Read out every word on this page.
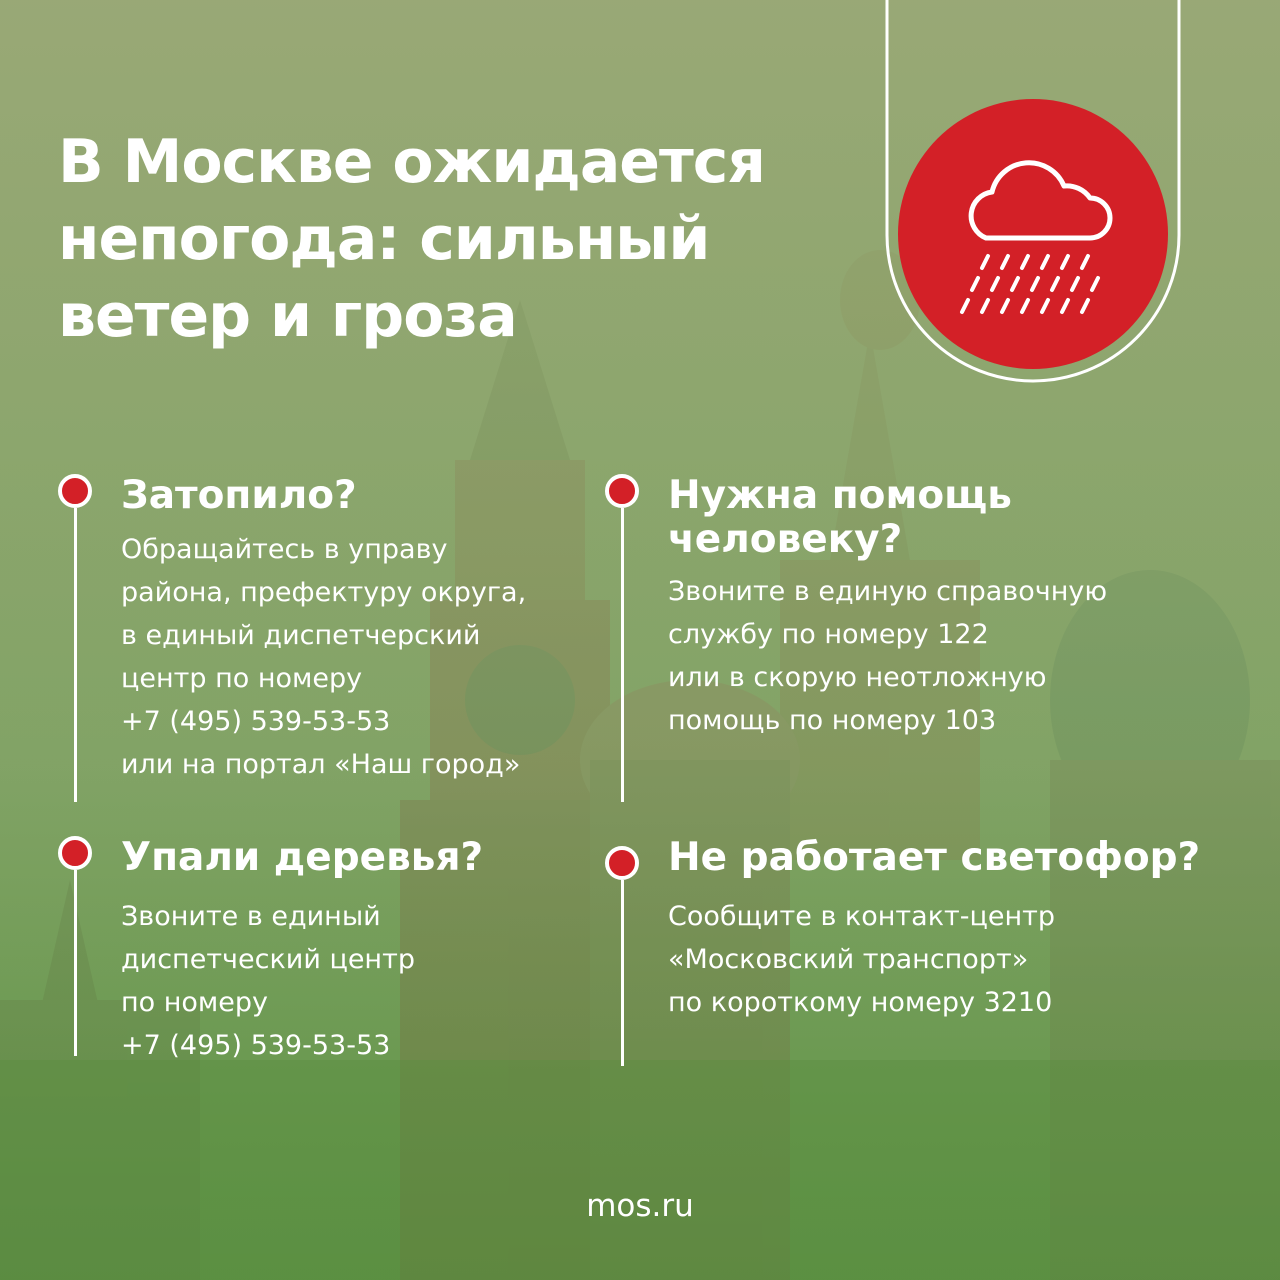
В Москве ожидается
непогода: сильный
ветер и гроза
Затопило?
Обращайтесь в управу
района, префектуру округа,
в единый диспетчерский
центр по номеру
+7 (495) 539-53-53
или на портал «Наш город»
Нужна помощь
человеку?
Звоните в единую справочную
службу по номеру 122
или в скорую неотложную
помощь по номеру 103
Упали деревья?
Звоните в единый
диспетческий центр
по номеру
+7 (495) 539-53-53
Не работает светофор?
Сообщите в контакт-центр
«Московский транспорт»
по короткому номеру 3210
mos.ru
